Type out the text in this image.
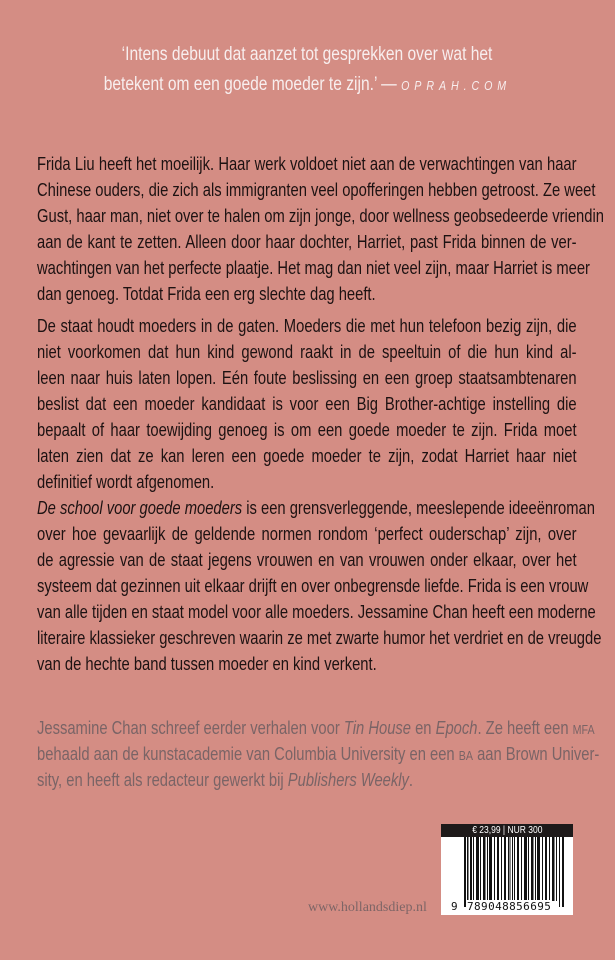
‘Intens debuut dat aanzet tot gesprekken over wat het
betekent om een goede moeder te zijn.’ — OPRAH.COM
Frida Liu heeft het moeilijk. Haar werk voldoet niet aan de verwachtingen van haar
Chinese ouders, die zich als immigranten veel opofferingen hebben getroost. Ze weet
Gust, haar man, niet over te halen om zijn jonge, door wellness geobsedeerde vriendin
aan de kant te zetten. Alleen door haar dochter, Harriet, past Frida binnen de ver-
wachtingen van het perfecte plaatje. Het mag dan niet veel zijn, maar Harriet is meer
dan genoeg. Totdat Frida een erg slechte dag heeft.
De staat houdt moeders in de gaten. Moeders die met hun telefoon bezig zijn, die
niet voorkomen dat hun kind gewond raakt in de speeltuin of die hun kind al-
leen naar huis laten lopen. Eén foute beslissing en een groep staatsambtenaren
beslist dat een moeder kandidaat is voor een Big Brother-achtige instelling die
bepaalt of haar toewijding genoeg is om een goede moeder te zijn. Frida moet
laten zien dat ze kan leren een goede moeder te zijn, zodat Harriet haar niet
definitief wordt afgenomen.
De school voor goede moeders is een grensverleggende, meeslepende ideeënroman
over hoe gevaarlijk de geldende normen rondom ‘perfect ouderschap’ zijn, over
de agressie van de staat jegens vrouwen en van vrouwen onder elkaar, over het
systeem dat gezinnen uit elkaar drijft en over onbegrensde liefde. Frida is een vrouw
van alle tijden en staat model voor alle moeders. Jessamine Chan heeft een moderne
literaire klassieker geschreven waarin ze met zwarte humor het verdriet en de vreugde
van de hechte band tussen moeder en kind verkent.
Jessamine Chan schreef eerder verhalen voor Tin House en Epoch. Ze heeft een MFA
behaald aan de kunstacademie van Columbia University en een BA aan Brown Univer-
sity, en heeft als redacteur gewerkt bij Publishers Weekly.
www.hollandsdiep.nl
€ 23,99 | NUR 300
9 789048856695
